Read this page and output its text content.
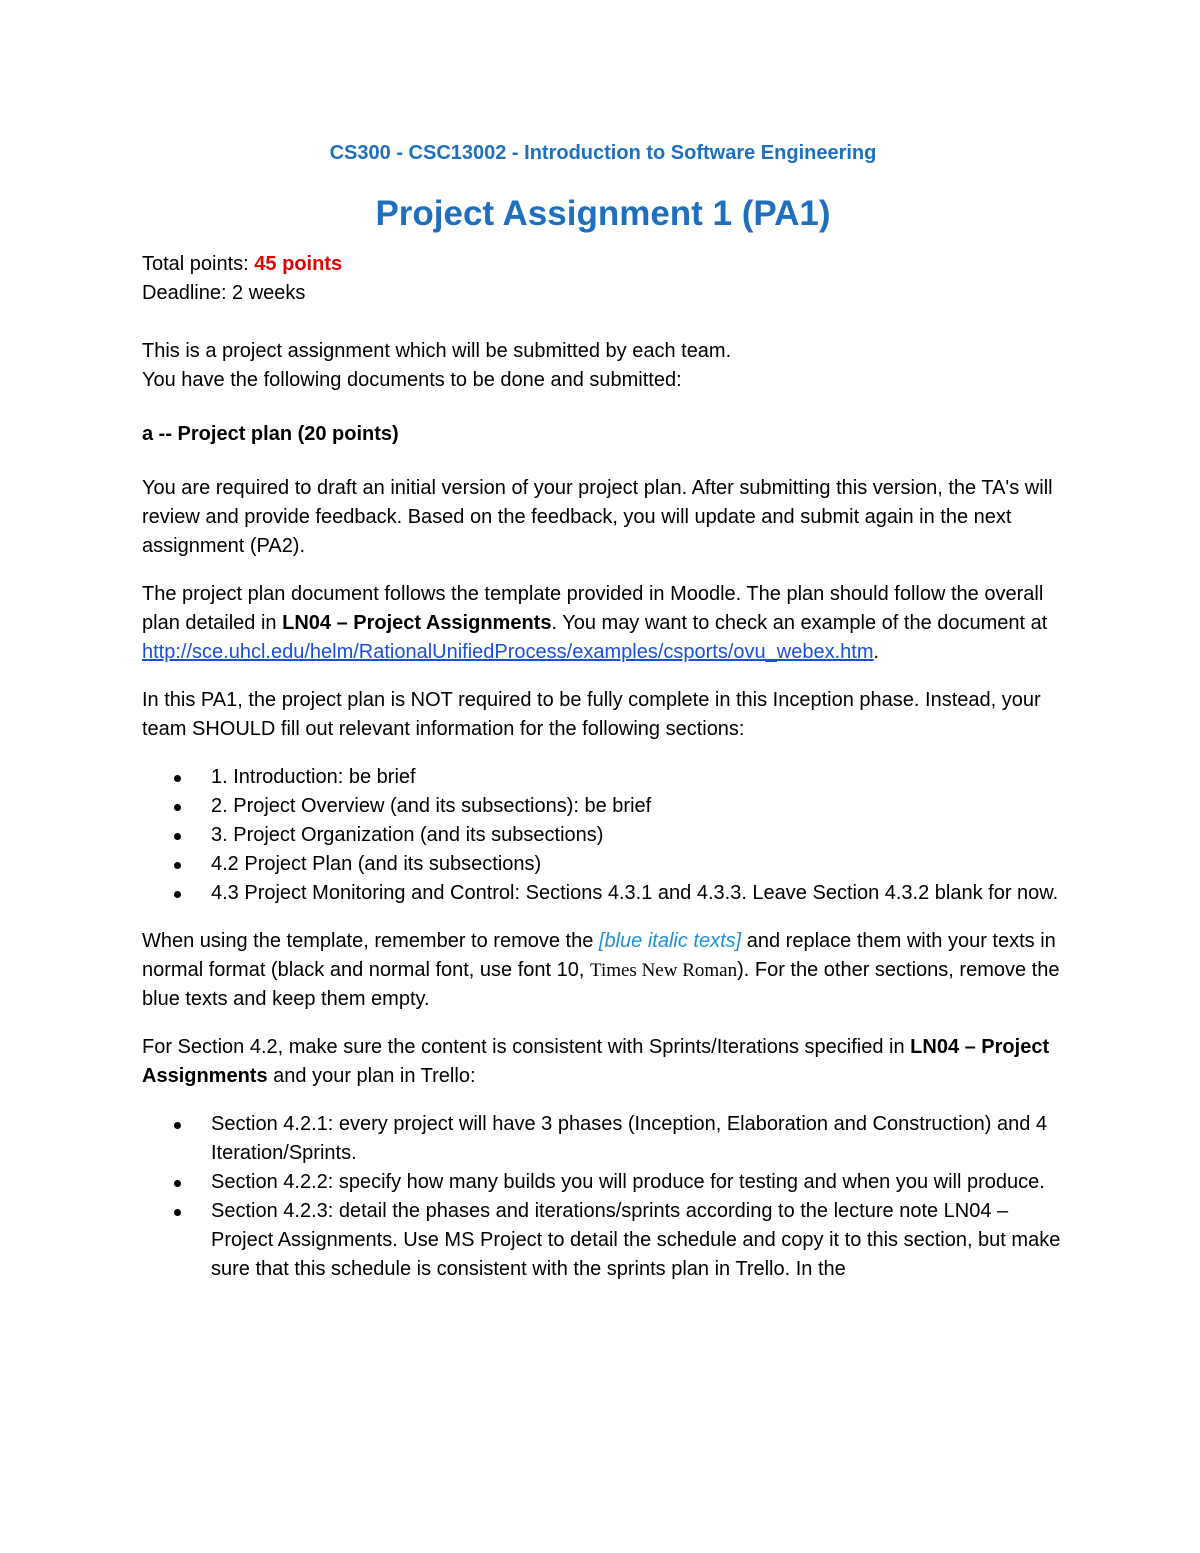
CS300 - CSC13002 - Introduction to Software Engineering

Project Assignment 1 (PA1)

Total points: 45 points

Deadline: 2 weeks

This is a project assignment which will be submitted by each team.

You have the following documents to be done and submitted:

a -- Project plan (20 points)

You are required to draft an initial version of your project plan. After submitting this version, the TA's will review and provide feedback. Based on the feedback, you will update and submit again in the next assignment (PA2).

The project plan document follows the template provided in Moodle. The plan should follow the overall plan detailed in LN04 – Project Assignments. You may want to check an example of the document at
http://sce.uhcl.edu/helm/RationalUnifiedProcess/examples/csports/ovu_webex.htm.

In this PA1, the project plan is NOT required to be fully complete in this Inception phase. Instead, your team SHOULD fill out relevant information for the following sections:

1. Introduction: be brief
2. Project Overview (and its subsections): be brief
3. Project Organization (and its subsections)
4.2 Project Plan (and its subsections)
4.3 Project Monitoring and Control: Sections 4.3.1 and 4.3.3. Leave Section 4.3.2 blank for now.

When using the template, remember to remove the [blue italic texts] and replace them with your texts in normal format (black and normal font, use font 10, Times New Roman). For the other sections, remove the blue texts and keep them empty.

For Section 4.2, make sure the content is consistent with Sprints/Iterations specified in LN04 – Project Assignments and your plan in Trello:

Section 4.2.1: every project will have 3 phases (Inception, Elaboration and Construction) and 4 Iteration/Sprints.
Section 4.2.2: specify how many builds you will produce for testing and when you will produce.
Section 4.2.3: detail the phases and iterations/sprints according to the lecture note LN04 – Project Assignments. Use MS Project to detail the schedule and copy it to this section, but make sure that this schedule is consistent with the sprints plan in Trello. In the
